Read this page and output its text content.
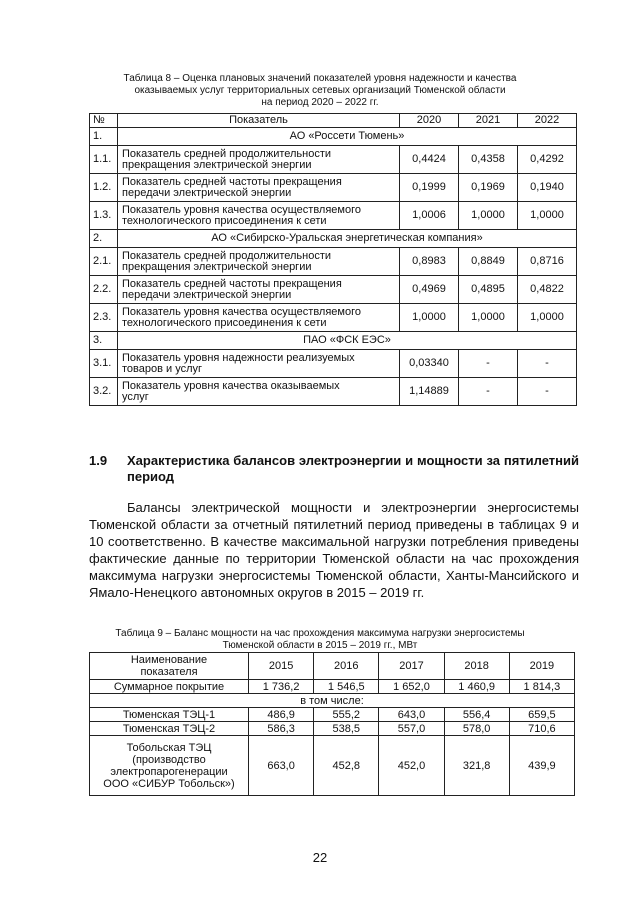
Таблица 8 – Оценка плановых значений показателей уровня надежности и качества
оказываемых услуг территориальных сетевых организаций Тюменской области
на период 2020 – 2022 гг.
№	Показатель	2020	2021	2022
1.	АО «Россети Тюмень»			
1.1.	Показатель средней продолжительности
прекращения электрической энергии	0,4424	0,4358	0,4292
1.2.	Показатель средней частоты прекращения
передачи электрической энергии	0,1999	0,1969	0,1940
1.3.	Показатель уровня качества осуществляемого
технологического присоединения к сети	1,0006	1,0000	1,0000
2.	АО «Сибирско-Уральская энергетическая компания»			
2.1.	Показатель средней продолжительности
прекращения электрической энергии	0,8983	0,8849	0,8716
2.2.	Показатель средней частоты прекращения
передачи электрической энергии	0,4969	0,4895	0,4822
2.3.	Показатель уровня качества осуществляемого
технологического присоединения к сети	1,0000	1,0000	1,0000
3.	ПАО «ФСК ЕЭС»			
3.1.	Показатель уровня надежности реализуемых
товаров и услуг	0,03340	-	-
3.2.	Показатель уровня качества оказываемых
услуг	1,14889	-	-
1.9 Характеристика балансов электроэнергии и мощности за пятилетний период
Балансы электрической мощности и электроэнергии энергосистемы Тюменской области за отчетный пятилетний период приведены в таблицах 9 и 10 соответственно. В качестве максимальной нагрузки потребления приведены фактические данные по территории Тюменской области на час прохождения максимума нагрузки энергосистемы Тюменской области, Ханты-Мансийского и Ямало-Ненецкого автономных округов в 2015 – 2019 гг.
Таблица 9 – Баланс мощности на час прохождения максимума нагрузки энергосистемы
Тюменской области в 2015 – 2019 гг., МВт
Наименование
показателя	2015	2016	2017	2018	2019
Суммарное покрытие	1 736,2	1 546,5	1 652,0	1 460,9	1 814,3
в том числе:					
Тюменская ТЭЦ-1	486,9	555,2	643,0	556,4	659,5
Тюменская ТЭЦ-2	586,3	538,5	557,0	578,0	710,6
Тобольская ТЭЦ
(производство
электропарогенерации
ООО «СИБУР Тобольск»)	663,0	452,8	452,0	321,8	439,9
22
